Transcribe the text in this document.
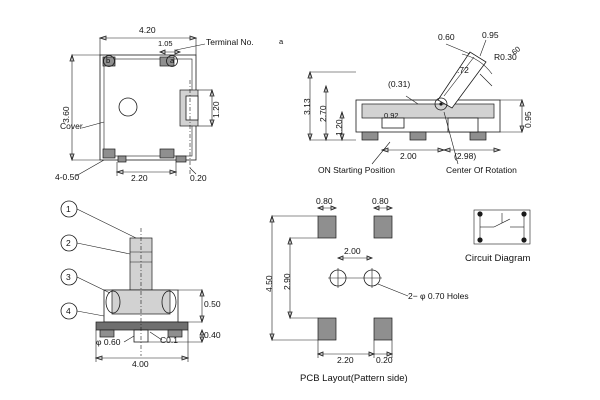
4.20
1.05	Terminal No.	a
a
b
3.60	1.20
Cover
4-0.50	2.20	0.20
0.60	0.95
R0.30
60
.72
(0.31)
3.13 2.70
1.20
0.92	0.95
2.00	(2.98)
ON Starting Position	Center Of Rotation
1
2
3
4
0.50
0.40
φ 0.60	C0.1
4.00
0.80	0.80
2.00
4.50 2.90
2.20	0.20
2− φ 0.70 Holes
PCB Layout(Pattern side)
Circuit Diagram
